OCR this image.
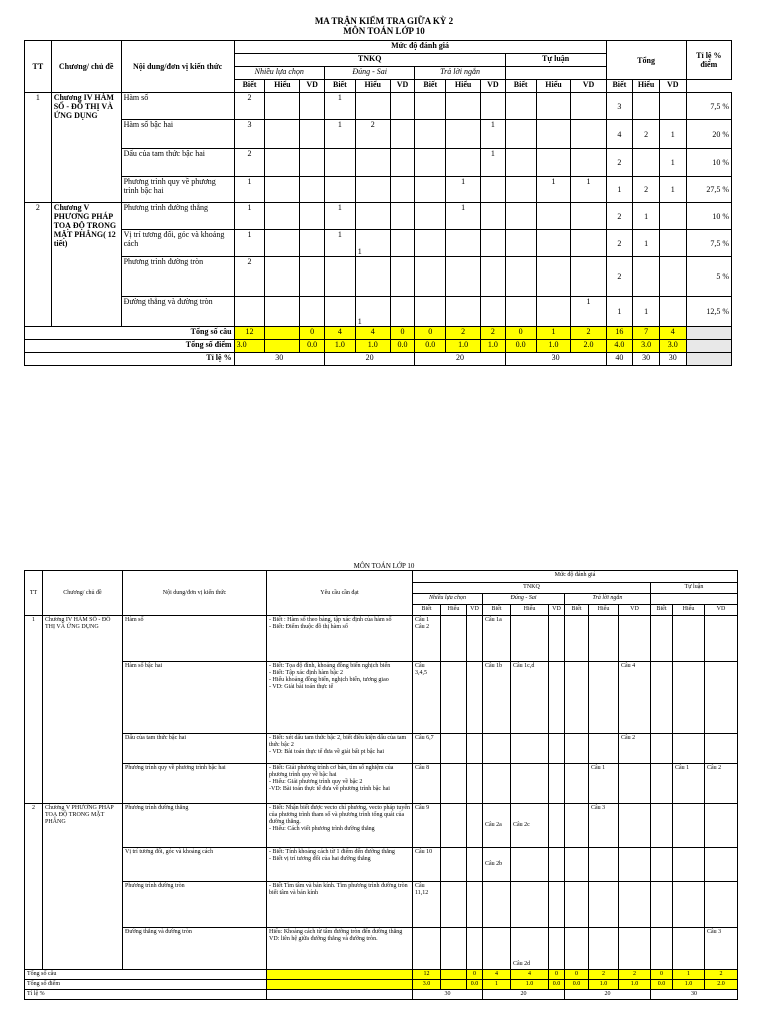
MA TRẬN KIỂM TRA GIỮA KỲ 2
MÔN TOÁN LỚP 10
TT	Chương/ chủ đề	Nội dung/đơn vị kiến thức	Mức độ đánh giá												Tổng			Tỉ lệ % điểm
			TNKQ									Tự luận						
			Nhiều lựa chọn			Đúng - Sai			Trả lời ngắn									
			Biết	Hiểu	VD	Biết	Hiểu	VD	Biết	Hiểu	VD	Biết	Hiểu	VD	Biết	Hiểu	VD	
1	Chương IV HÀM SỐ - ĐỒ THỊ VÀ ỨNG DỤNG	Hàm số	2			1									3			7,5 %
		Hàm số bậc hai	3			1	2				1				4	2	1	20 %
		Dấu của tam thức bậc hai	2								1				2		1	10 %
		Phương trình quy về phương trình bậc hai	1							1			1	1	1	2	1	27,5 %
2	Chương V PHƯƠNG PHÁP TOẠ ĐỘ TRONG MẶT PHẲNG( 12 tiết)	Phương trình đường thẳng	1			1				1					2	1		10 %
		Vị trí tương đối, góc và khoảng cách	1			1	1								2	1		7,5 %
		Phương trình đường tròn	2												2			5 %
		Đường thẳng và đường tròn					1							1	1	1		12,5 %
Tổng số câu			12		0	4	4	0	0	2	2	0	1	2	16	7	4	
Tổng số điểm			3.0		0.0	1.0	1.0	0.0	0.0	1.0	1.0	0.0	1.0	2.0	4.0	3.0	3.0	
Tỉ lệ %			30			20			20			30			40	30	30	
MÔN TOÁN LỚP 10
TT	Chương/ chủ đề	Nội dung/đơn vị kiến thức	Yêu cầu cần đạt	Mức độ đánh giá											
				TNKQ									Tự luận		
				Nhiều lựa chọn			Đúng - Sai			Trả lời ngắn					
				Biết	Hiểu	VD	Biết	Hiểu	VD	Biết	Hiểu	VD	Biết	Hiểu	VD
1	Chương IV HÀM SỐ - ĐỒ THỊ VÀ ỨNG DỤNG	Hàm số	- Biết : Hàm số theo bảng, tập xác định của hàm số
- Biết: Điểm thuộc đồ thị hàm số	Câu 1 Câu 2			Câu 1a								
		Hàm số bậc hai	- Biết: Tọa độ đỉnh, khoảng đồng biến nghịch biến
- Biết: Tập xác định hàm bậc 2
- Hiểu khoảng đồng biến, nghịch biến, tương giao
- VD: Giải bài toán thực tế	Câu 3,4,5			Câu 1b	Câu 1c,d				Câu 4			
		Dấu của tam thức bậc hai	- Biết: xét dấu tam thức bậc 2, biết điều kiện dấu của tam thức bậc 2
- VD: Bài toán thực tế đưa về giải bất pt bậc hai	Câu 6,7								Câu 2			
		Phương trình quy về phương trình bậc hai	- Biết: Giải phương trình cơ bản, tìm số nghiệm của phương trình quy về bậc hai
- Hiểu: Giải phương trình quy về bậc 2
-VD: Bài toán thực tế đưa về phương trình bậc hai	Câu 8							Câu 1			Câu 1	Câu 2
2	Chương V PHƯƠNG PHÁP TOẠ ĐỘ TRONG MẶT PHẲNG	Phương trình đường thẳng	- Biết: Nhận biết được vecto chỉ phương, vecto pháp tuyến của phương trình tham số và phương trình tổng quát của đường thẳng.
- Hiểu: Cách viết phương trình đường thẳng	Câu 9			Câu 2a	Câu 2c			Câu 3				
		Vị trí tương đối, góc và khoảng cách	- Biết: Tính khoảng cách từ 1 điểm đến đường thẳng
- Biết vị trí tương đối của hai đường thẳng	Câu 10			Câu 2b								
		Phương trình đường tròn	- Biết Tìm tâm và bán kính. Tìm phương trình đường tròn biết tâm và bán kính	Câu 11,12											
		Đường thẳng và đường tròn	Hiểu: Khoảng cách từ tâm đường tròn đến đường thẳng
VD: liên hệ giữa đường thẳng và đường tròn.					Câu 2d							Câu 3
Tổng số câu				12		0	4	4	0	0	2	2	0	1	2
Tổng số điểm				3.0		0.0	1	1.0	0.0	0.0	1.0	1.0	0.0	1.0	2.0
Tỉ lệ %				30			20			20			30		
